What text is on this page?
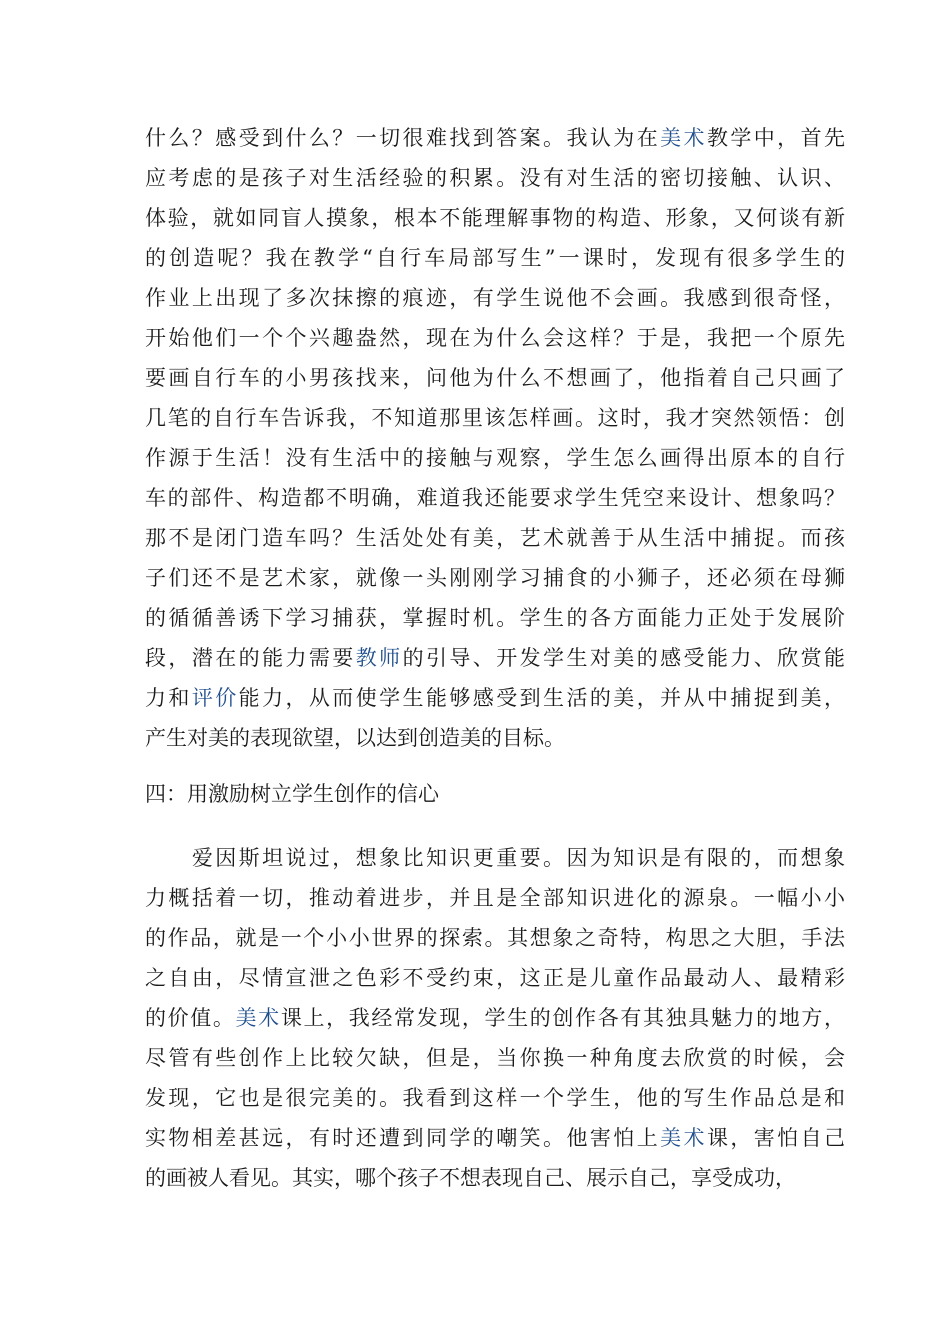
什么？感受到什么？一切很难找到答案。我认为在美术教学中，首先
应考虑的是孩子对生活经验的积累。没有对生活的密切接触、认识、
体验，就如同盲人摸象，根本不能理解事物的构造、形象，又何谈有新
的创造呢？我在教学“自行车局部写生”一课时，发现有很多学生的
作业上出现了多次抹擦的痕迹，有学生说他不会画。我感到很奇怪，
开始他们一个个兴趣盎然，现在为什么会这样？于是，我把一个原先
要画自行车的小男孩找来，问他为什么不想画了，他指着自己只画了
几笔的自行车告诉我，不知道那里该怎样画。这时，我才突然领悟：创
作源于生活！没有生活中的接触与观察，学生怎么画得出原本的自行
车的部件、构造都不明确，难道我还能要求学生凭空来设计、想象吗？
那不是闭门造车吗？生活处处有美，艺术就善于从生活中捕捉。而孩
子们还不是艺术家，就像一头刚刚学习捕食的小狮子，还必须在母狮
的循循善诱下学习捕获，掌握时机。学生的各方面能力正处于发展阶
段，潜在的能力需要教师的引导、开发学生对美的感受能力、欣赏能
力和评价能力，从而使学生能够感受到生活的美，并从中捕捉到美，
产生对美的表现欲望，以达到创造美的目标。
四：用激励树立学生创作的信心
　　爱因斯坦说过，想象比知识更重要。因为知识是有限的，而想象
力概括着一切，推动着进步，并且是全部知识进化的源泉。一幅小小
的作品，就是一个小小世界的探索。其想象之奇特，构思之大胆，手法
之自由，尽情宣泄之色彩不受约束，这正是儿童作品最动人、最精彩
的价值。美术课上，我经常发现，学生的创作各有其独具魅力的地方，
尽管有些创作上比较欠缺，但是，当你换一种角度去欣赏的时候，会
发现，它也是很完美的。我看到这样一个学生，他的写生作品总是和
实物相差甚远，有时还遭到同学的嘲笑。他害怕上美术课，害怕自己
的画被人看见。其实，哪个孩子不想表现自己、展示自己，享受成功，
